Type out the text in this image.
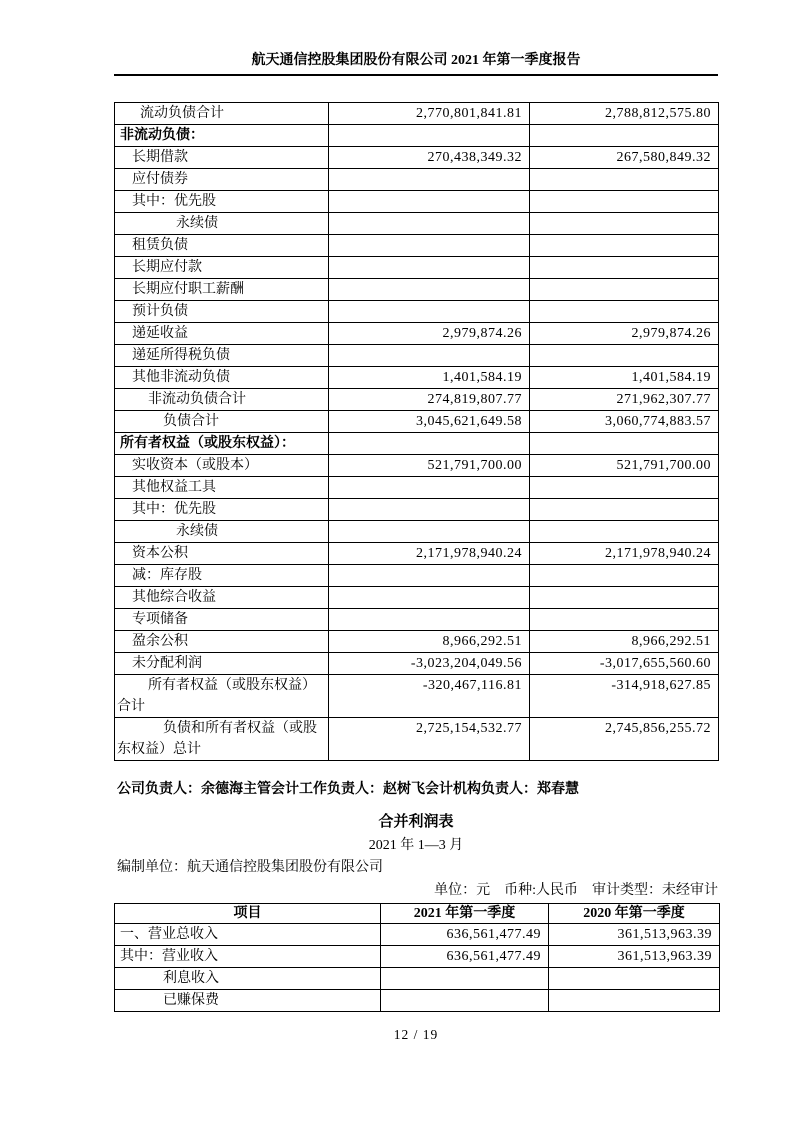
航天通信控股集团股份有限公司 2021 年第一季度报告
流动负债合计	2,770,801,841.81	2,788,812,575.80
非流动负债：		
长期借款	270,438,349.32	267,580,849.32
应付债券		
其中：优先股		
永续债		
租赁负债		
长期应付款		
长期应付职工薪酬		
预计负债		
递延收益	2,979,874.26	2,979,874.26
递延所得税负债		
其他非流动负债	1,401,584.19	1,401,584.19
非流动负债合计	274,819,807.77	271,962,307.77
负债合计	3,045,621,649.58	3,060,774,883.57
所有者权益（或股东权益）：		
实收资本（或股本）	521,791,700.00	521,791,700.00
其他权益工具		
其中：优先股		
永续债		
资本公积	2,171,978,940.24	2,171,978,940.24
减：库存股		
其他综合收益		
专项储备		
盈余公积	8,966,292.51	8,966,292.51
未分配利润	-3,023,204,049.56	-3,017,655,560.60
所有者权益（或股东权益）合计	-320,467,116.81	-314,918,627.85
负债和所有者权益（或股东权益）总计	2,725,154,532.77	2,745,856,255.72
公司负责人：余德海主管会计工作负责人：赵树飞会计机构负责人：郑春慧
合并利润表
2021 年 1—3 月
编制单位：航天通信控股集团股份有限公司
单位：元　币种:人民币　审计类型：未经审计
项目	2021 年第一季度	2020 年第一季度
一、营业总收入	636,561,477.49	361,513,963.39
其中：营业收入	636,561,477.49	361,513,963.39
利息收入		
已赚保费		
12 / 19
